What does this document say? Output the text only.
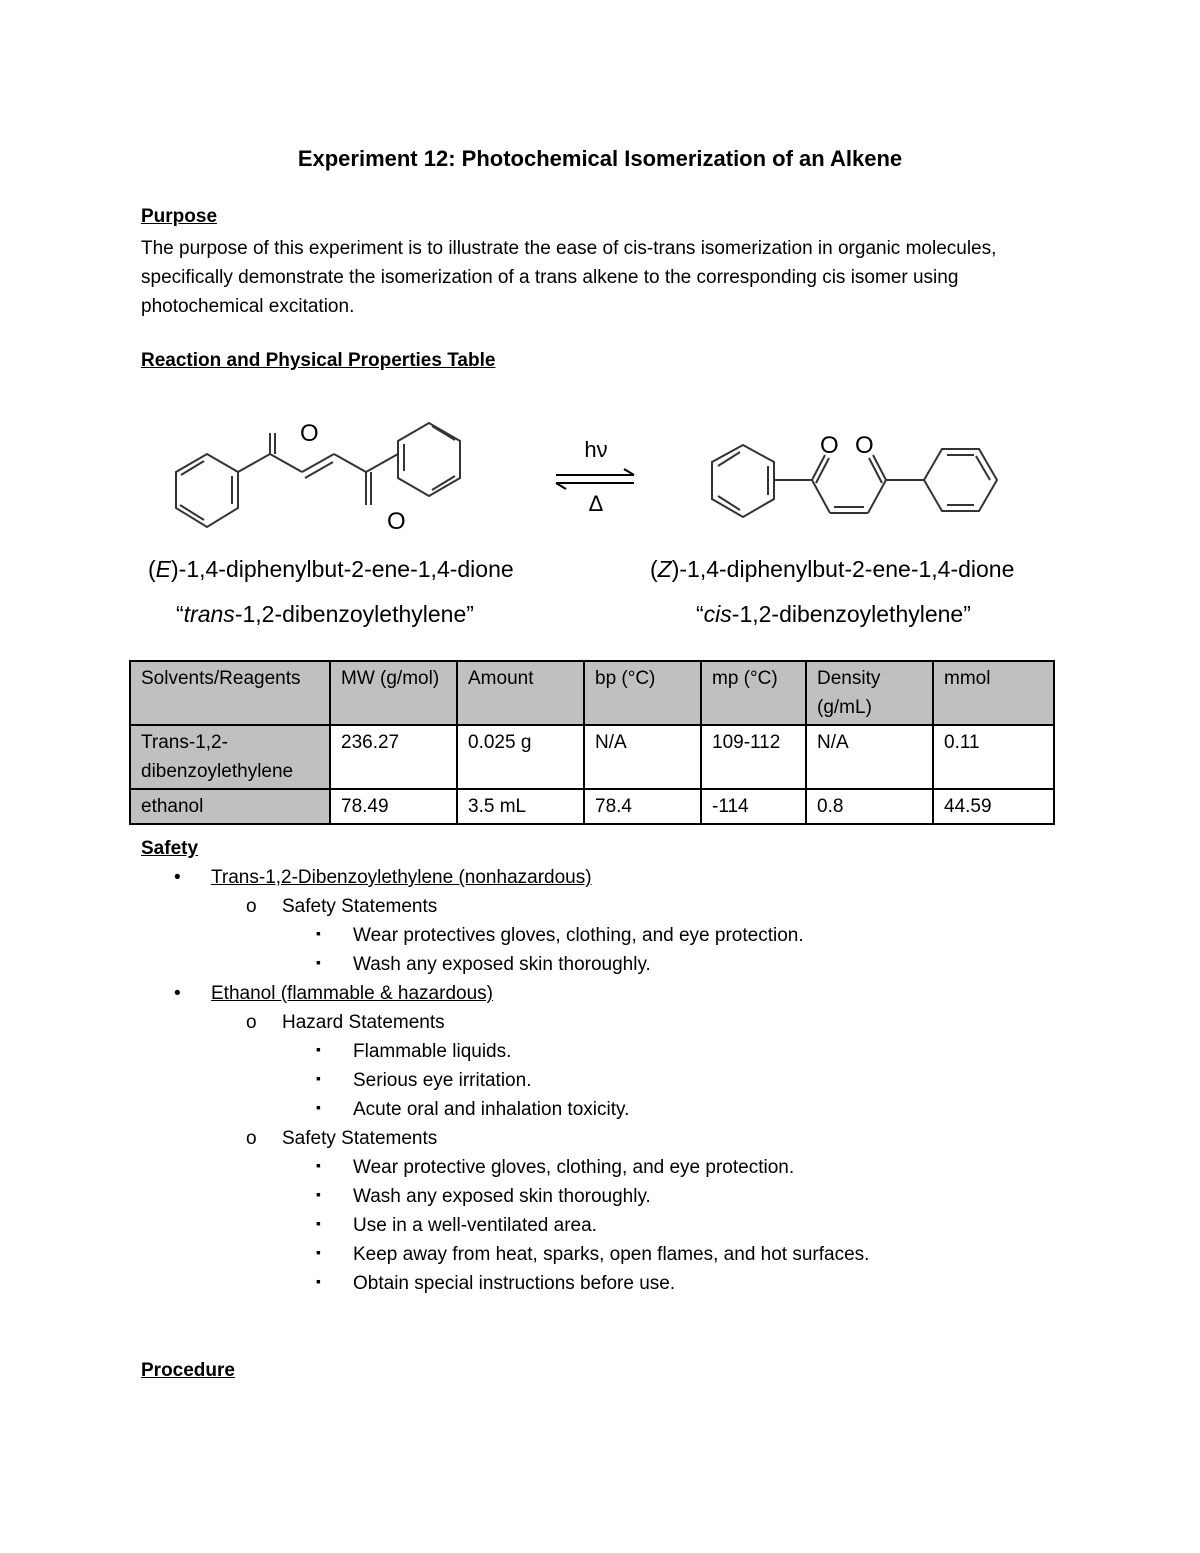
Experiment 12: Photochemical Isomerization of an Alkene
Purpose
The purpose of this experiment is to illustrate the ease of cis-trans isomerization in organic molecules, specifically demonstrate the isomerization of a trans alkene to the corresponding cis isomer using photochemical excitation.
Reaction and Physical Properties Table
O
O
hν
Δ
O O
(E)-1,4-diphenylbut-2-ene-1,4-dione
“trans-1,2-dibenzoylethylene”
(Z)-1,4-diphenylbut-2-ene-1,4-dione
“cis-1,2-dibenzoylethylene”
Solvents/Reagents	MW (g/mol)	Amount	bp (°C)	mp (°C)	Density (g/mL)	mmol
Trans-1,2-dibenzoylethylene	236.27	0.025 g	N/A	109-112	N/A	0.11
ethanol	78.49	3.5 mL	78.4	-114	0.8	44.59
Safety
• Trans-1,2-Dibenzoylethylene (nonhazardous)
o Safety Statements
▪ Wear protectives gloves, clothing, and eye protection.
▪ Wash any exposed skin thoroughly.
• Ethanol (flammable & hazardous)
o Hazard Statements
▪ Flammable liquids.
▪ Serious eye irritation.
▪ Acute oral and inhalation toxicity.
o Safety Statements
▪ Wear protective gloves, clothing, and eye protection.
▪ Wash any exposed skin thoroughly.
▪ Use in a well-ventilated area.
▪ Keep away from heat, sparks, open flames, and hot surfaces.
▪ Obtain special instructions before use.
Procedure
